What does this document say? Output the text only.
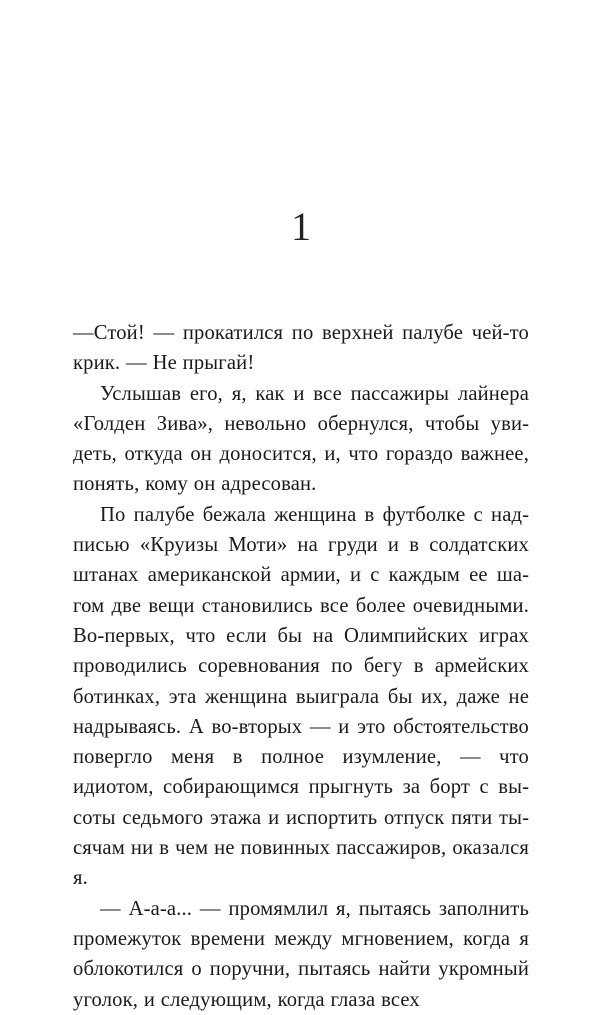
1

—Стой! — прокатился по верхней палубе чей-то крик. — Не прыгай!

Услышав его, я, как и все пассажиры лайнера «Голден Зива», невольно обернулся, чтобы увидеть, откуда он доносится, и, что гораздо важнее, понять, кому он адресован.

По палубе бежала женщина в футболке с надписью «Круизы Моти» на груди и в солдатских штанах американской армии, и с каждым ее шагом две вещи становились все более очевидными. Во-первых, что если бы на Олимпийских играх проводились соревнования по бегу в армейских ботинках, эта женщина выиграла бы их, даже не надрываясь. А во-вторых — и это обстоятельство повергло меня в полное изумление, — что идиотом, собирающимся прыгнуть за борт с высоты седьмого этажа и испортить отпуск пяти тысячам ни в чем не повинных пассажиров, оказался я.

— А-а-а... — промямлил я, пытаясь заполнить промежуток времени между мгновением, когда я облокотился о поручни, пытаясь найти укромный уголок, и следующим, когда глаза всех
